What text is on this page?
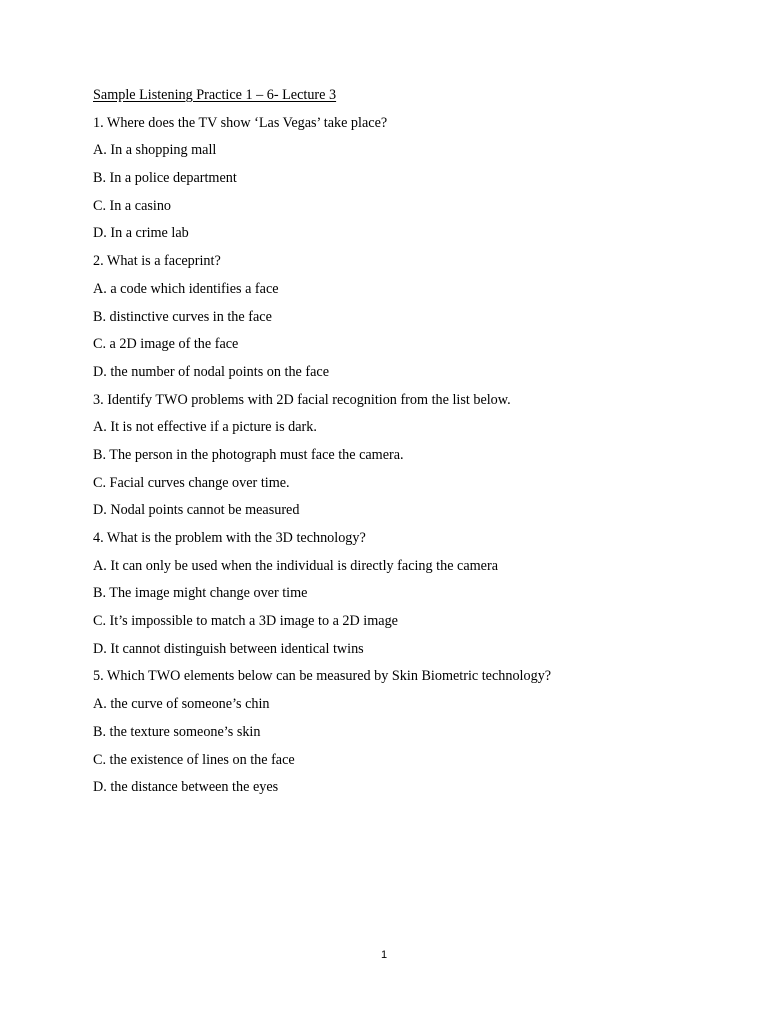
Sample Listening Practice 1 – 6- Lecture 3
1. Where does the TV show ‘Las Vegas’ take place?
A. In a shopping mall
B. In a police department
C. In a casino
D. In a crime lab
2. What is a faceprint?
A. a code which identifies a face
B. distinctive curves in the face
C. a 2D image of the face
D. the number of nodal points on the face
3. Identify TWO problems with 2D facial recognition from the list below.
A. It is not effective if a picture is dark.
B. The person in the photograph must face the camera.
C. Facial curves change over time.
D. Nodal points cannot be measured
4. What is the problem with the 3D technology?
A. It can only be used when the individual is directly facing the camera
B. The image might change over time
C. It’s impossible to match a 3D image to a 2D image
D. It cannot distinguish between identical twins
5. Which TWO elements below can be measured by Skin Biometric technology?
A. the curve of someone’s chin
B. the texture someone’s skin
C. the existence of lines on the face
D. the distance between the eyes
1
